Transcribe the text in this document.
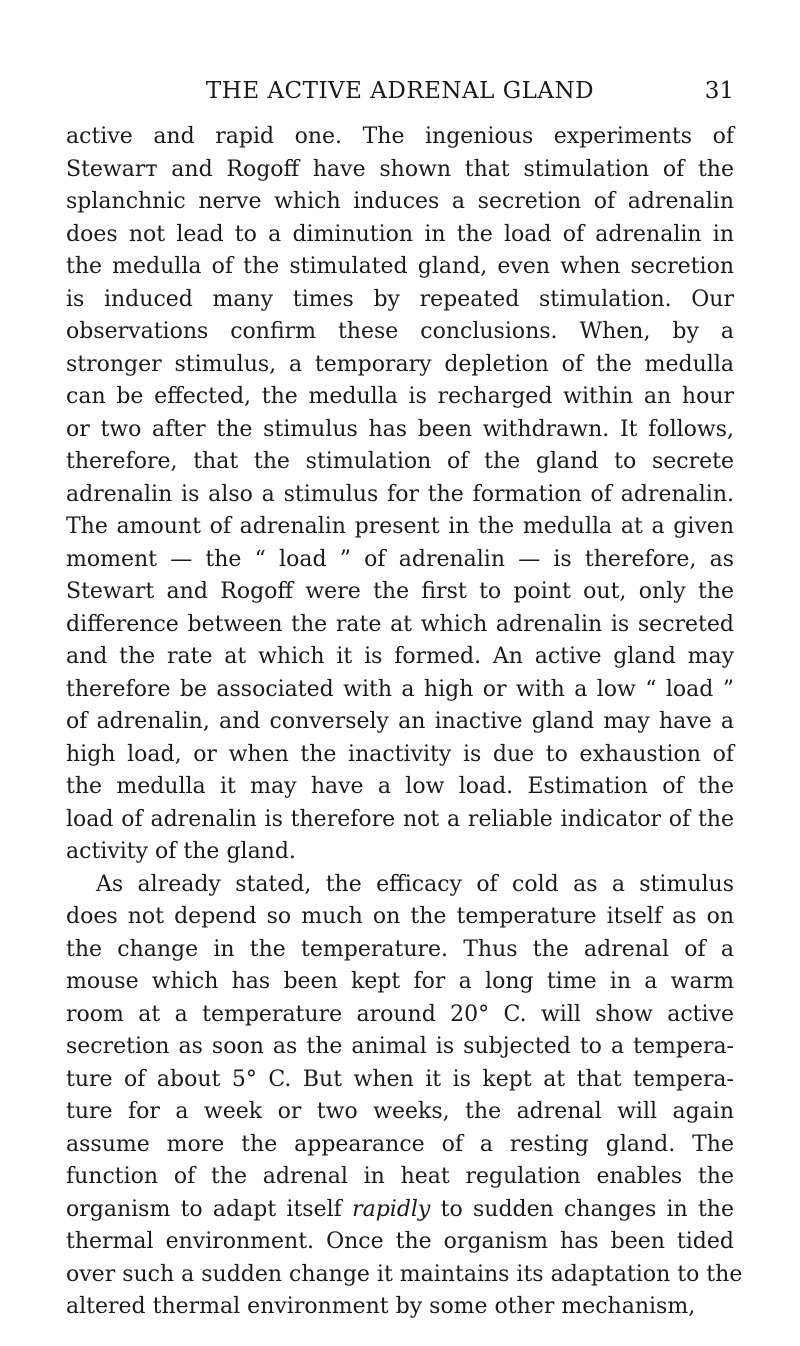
THE ACTIVE ADRENAL GLAND	31
active and rapid one. The ingenious experiments of
Stewarт and Rogoff have shown that stimulation of the
splanchnic nerve which induces a secretion of adrenalin
does not lead to a diminution in the load of adrenalin in
the medulla of the stimulated gland, even when secretion
is induced many times by repeated stimulation. Our
observations confirm these conclusions. When, by a
stronger stimulus, a temporary depletion of the medulla
can be effected, the medulla is recharged within an hour
or two after the stimulus has been withdrawn. It follows,
therefore, that the stimulation of the gland to secrete
adrenalin is also a stimulus for the formation of adrenalin.
The amount of adrenalin present in the medulla at a given
moment — the “ load ” of adrenalin — is therefore, as
Stewart and Rogoff were the first to point out, only the
difference between the rate at which adrenalin is secreted
and the rate at which it is formed. An active gland may
therefore be associated with a high or with a low “ load ”
of adrenalin, and conversely an inactive gland may have a
high load, or when the inactivity is due to exhaustion of
the medulla it may have a low load. Estimation of the
load of adrenalin is therefore not a reliable indicator of the
activity of the gland.
As already stated, the efficacy of cold as a stimulus
does not depend so much on the temperature itself as on
the change in the temperature. Thus the adrenal of a
mouse which has been kept for a long time in a warm
room at a temperature around 20° C. will show active
secretion as soon as the animal is subjected to a tempera-
ture of about 5° C. But when it is kept at that tempera-
ture for a week or two weeks, the adrenal will again
assume more the appearance of a resting gland. The
function of the adrenal in heat regulation enables the
organism to adapt itself rapidly to sudden changes in the
thermal environment. Once the organism has been tided
over such a sudden change it maintains its adaptation to the
altered thermal environment by some other mechanism,
